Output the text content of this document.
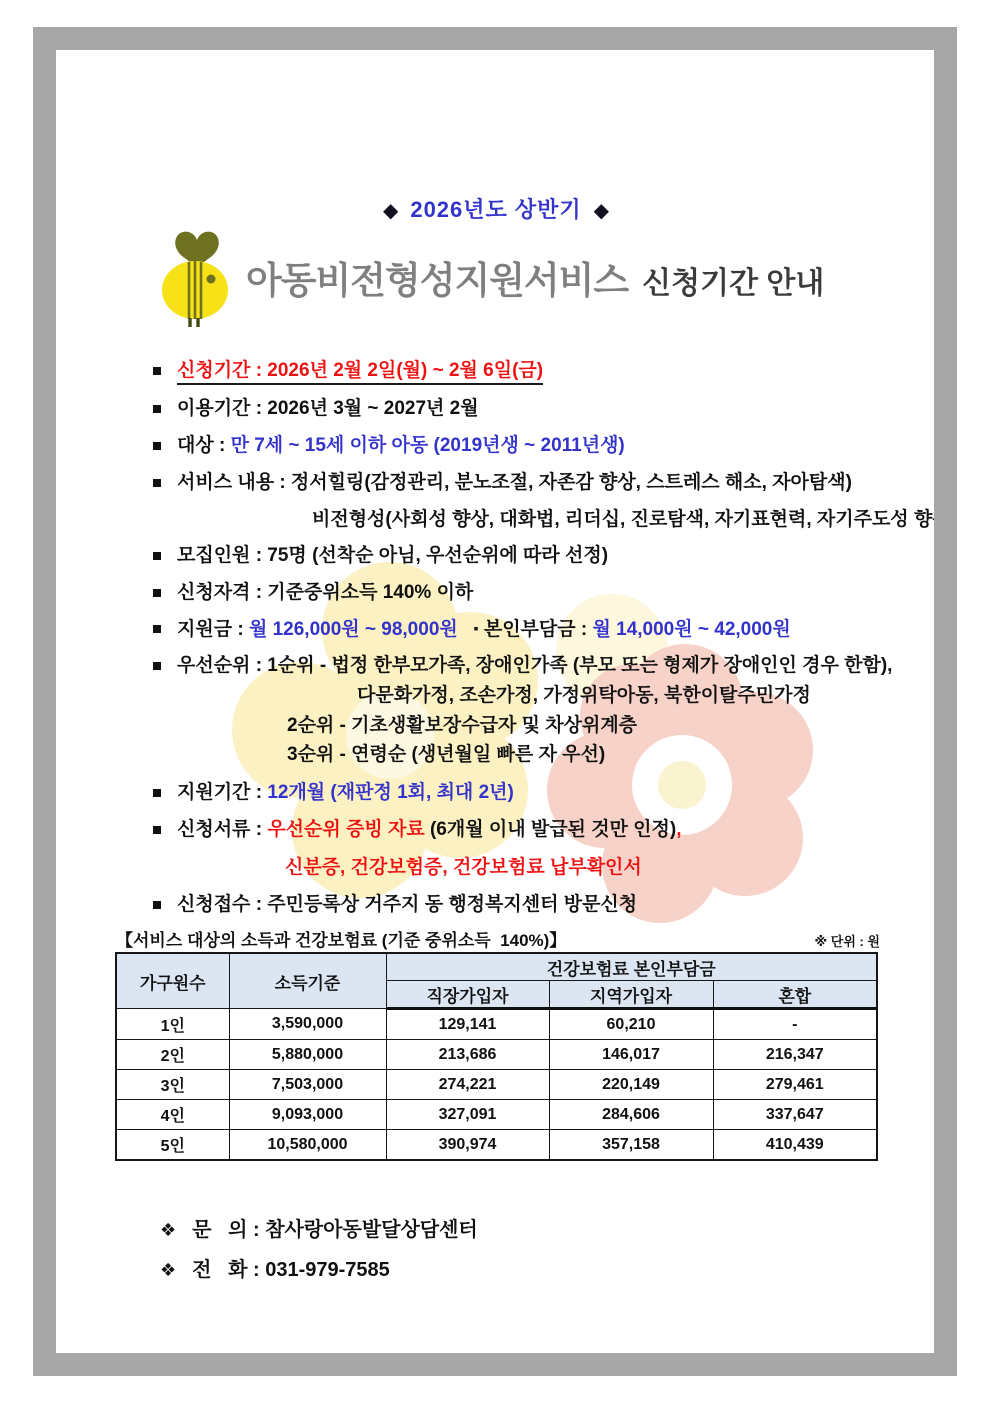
◆ 2026년도 상반기 ◆
아동비전형성지원서비스 신청기간 안내
신청기간 : 2026년 2월 2일(월) ~ 2월 6일(금)
이용기간 : 2026년 3월 ~ 2027년 2월
대상 : 만 7세 ~ 15세 이하 아동 (2019년생 ~ 2011년생)
서비스 내용 : 정서힐링(감정관리, 분노조절, 자존감 향상, 스트레스 해소, 자아탐색)
비전형성(사회성 향상, 대화법, 리더십, 진로탐색, 자기표현력, 자기주도성 향상)
모집인원 : 75명 (선착순 아님, 우선순위에 따라 선정)
신청자격 : 기준중위소득 140% 이하
지원금 : 월 126,000원 ~ 98,000원 ▪ 본인부담금 : 월 14,000원 ~ 42,000원
우선순위 : 1순위 - 법정 한부모가족, 장애인가족 (부모 또는 형제가 장애인인 경우 한함),
다문화가정, 조손가정, 가정위탁아동, 북한이탈주민가정
2순위 - 기초생활보장수급자 및 차상위계층
3순위 - 연령순 (생년월일 빠른 자 우선)
지원기간 : 12개월 (재판정 1회, 최대 2년)
신청서류 : 우선순위 증빙 자료 (6개월 이내 발급된 것만 인정),
신분증, 건강보험증, 건강보험료 납부확인서
신청접수 : 주민등록상 거주지 동 행정복지센터 방문신청
【서비스 대상의 소득과 건강보험료 (기준 중위소득  140%)】	※ 단위 : 원
가구원수	소득기준	건강보험료 본인부담금		
		직장가입자	지역가입자	혼합
1인	3,590,000	129,141	60,210	-
2인	5,880,000	213,686	146,017	216,347
3인	7,503,000	274,221	220,149	279,461
4인	9,093,000	327,091	284,606	337,647
5인	10,580,000	390,974	357,158	410,439
❖ 문   의 : 참사랑아동발달상담센터
❖ 전   화 : 031-979-7585
